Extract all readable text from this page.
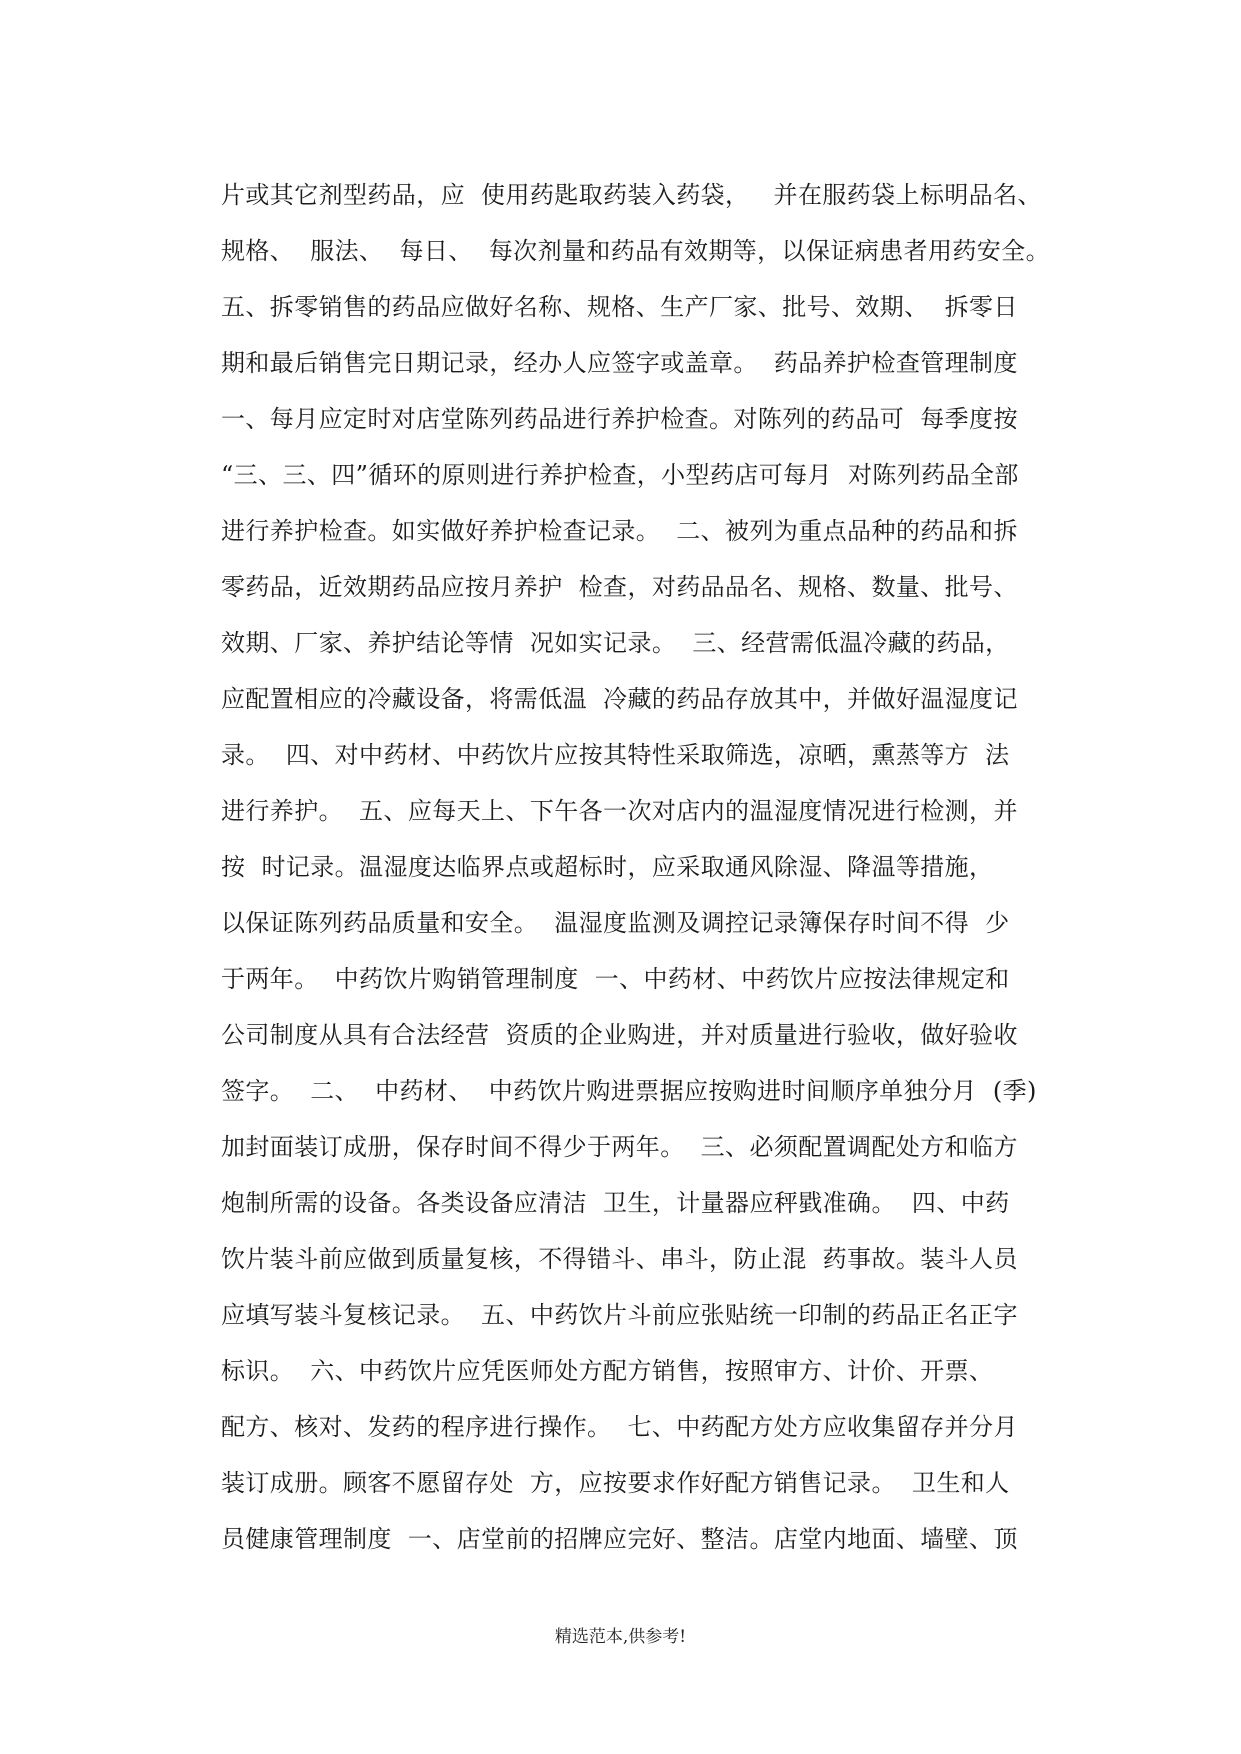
片或其它剂型药品，应  使用药匙取药装入药袋，   并在服药袋上标明品名、
规格、  服法、  每日、  每次剂量和药品有效期等，以保证病患者用药安全。
五、拆零销售的药品应做好名称、规格、生产厂家、批号、效期、  拆零日
期和最后销售完日期记录，经办人应签字或盖章。  药品养护检查管理制度
一、每月应定时对店堂陈列药品进行养护检查。对陈列的药品可  每季度按
“三、三、四”循环的原则进行养护检查，小型药店可每月  对陈列药品全部
进行养护检查。如实做好养护检查记录。  二、被列为重点品种的药品和拆
零药品，近效期药品应按月养护  检查，对药品品名、规格、数量、批号、
效期、厂家、养护结论等情  况如实记录。  三、经营需低温冷藏的药品，
应配置相应的冷藏设备，将需低温  冷藏的药品存放其中，并做好温湿度记
录。  四、对中药材、中药饮片应按其特性采取筛选，凉晒，熏蒸等方  法
进行养护。  五、应每天上、下午各一次对店内的温湿度情况进行检测，并
按  时记录。温湿度达临界点或超标时，应采取通风除湿、降温等措施，
以保证陈列药品质量和安全。  温湿度监测及调控记录簿保存时间不得  少
于两年。  中药饮片购销管理制度  一、中药材、中药饮片应按法律规定和
公司制度从具有合法经营  资质的企业购进，并对质量进行验收，做好验收
签字。  二、  中药材、  中药饮片购进票据应按购进时间顺序单独分月  (季)
加封面装订成册，保存时间不得少于两年。  三、必须配置调配处方和临方
炮制所需的设备。各类设备应清洁  卫生，计量器应秤戥准确。  四、中药
饮片装斗前应做到质量复核，不得错斗、串斗，防止混  药事故。装斗人员
应填写装斗复核记录。  五、中药饮片斗前应张贴统一印制的药品正名正字
标识。  六、中药饮片应凭医师处方配方销售，按照审方、计价、开票、
配方、核对、发药的程序进行操作。  七、中药配方处方应收集留存并分月
装订成册。顾客不愿留存处  方，应按要求作好配方销售记录。  卫生和人
员健康管理制度  一、店堂前的招牌应完好、整洁。店堂内地面、墙壁、顶
精选范本,供参考!
